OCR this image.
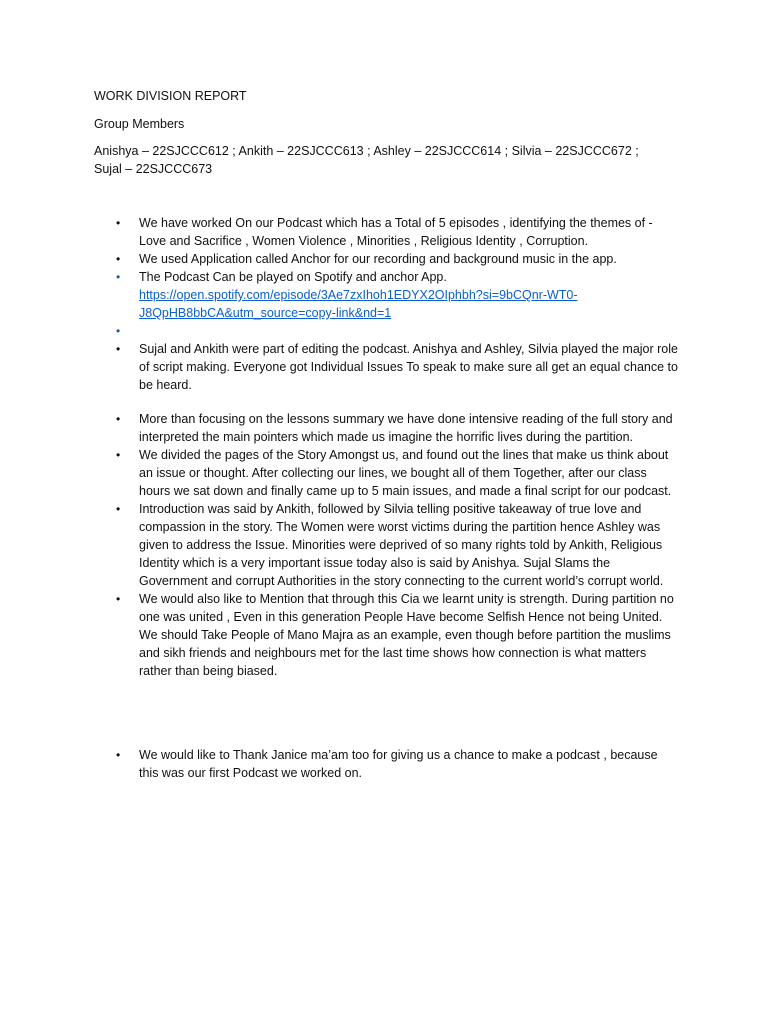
WORK DIVISION REPORT
Group Members
Anishya – 22SJCCC612 ; Ankith – 22SJCCC613 ; Ashley – 22SJCCC614 ; Silvia – 22SJCCC672 ; Sujal – 22SJCCC673
• We have worked On our Podcast which has a Total of 5 episodes , identifying the themes of - Love and Sacrifice , Women Violence , Minorities , Religious Identity , Corruption.
• We used Application called Anchor for our recording and background music in the app.
• The Podcast Can be played on Spotify and anchor App.
https://open.spotify.com/episode/3Ae7zxIhoh1EDYX2OIphbh?si=9bCQnr-WT0-J8QpHB8bbCA&utm_source=copy-link&nd=1
•
• Sujal and Ankith were part of editing the podcast. Anishya and Ashley, Silvia played the major role of script making. Everyone got Individual Issues To speak to make sure all get an equal chance to be heard.
• More than focusing on the lessons summary we have done intensive reading of the full story and interpreted the main pointers which made us imagine the horrific lives during the partition.
• We divided the pages of the Story Amongst us, and found out the lines that make us think about an issue or thought. After collecting our lines, we bought all of them Together, after our class hours we sat down and finally came up to 5 main issues, and made a final script for our podcast.
• Introduction was said by Ankith, followed by Silvia telling positive takeaway of true love and compassion in the story. The Women were worst victims during the partition hence Ashley was given to address the Issue. Minorities were deprived of so many rights told by Ankith, Religious Identity which is a very important issue today also is said by Anishya. Sujal Slams the Government and corrupt Authorities in the story connecting to the current world’s corrupt world.
• We would also like to Mention that through this Cia we learnt unity is strength. During partition no one was united , Even in this generation People Have become Selfish Hence not being United. We should Take People of Mano Majra as an example, even though before partition the muslims and sikh friends and neighbours met for the last time shows how connection is what matters rather than being biased.
• We would like to Thank Janice ma’am too for giving us a chance to make a podcast , because this was our first Podcast we worked on.
